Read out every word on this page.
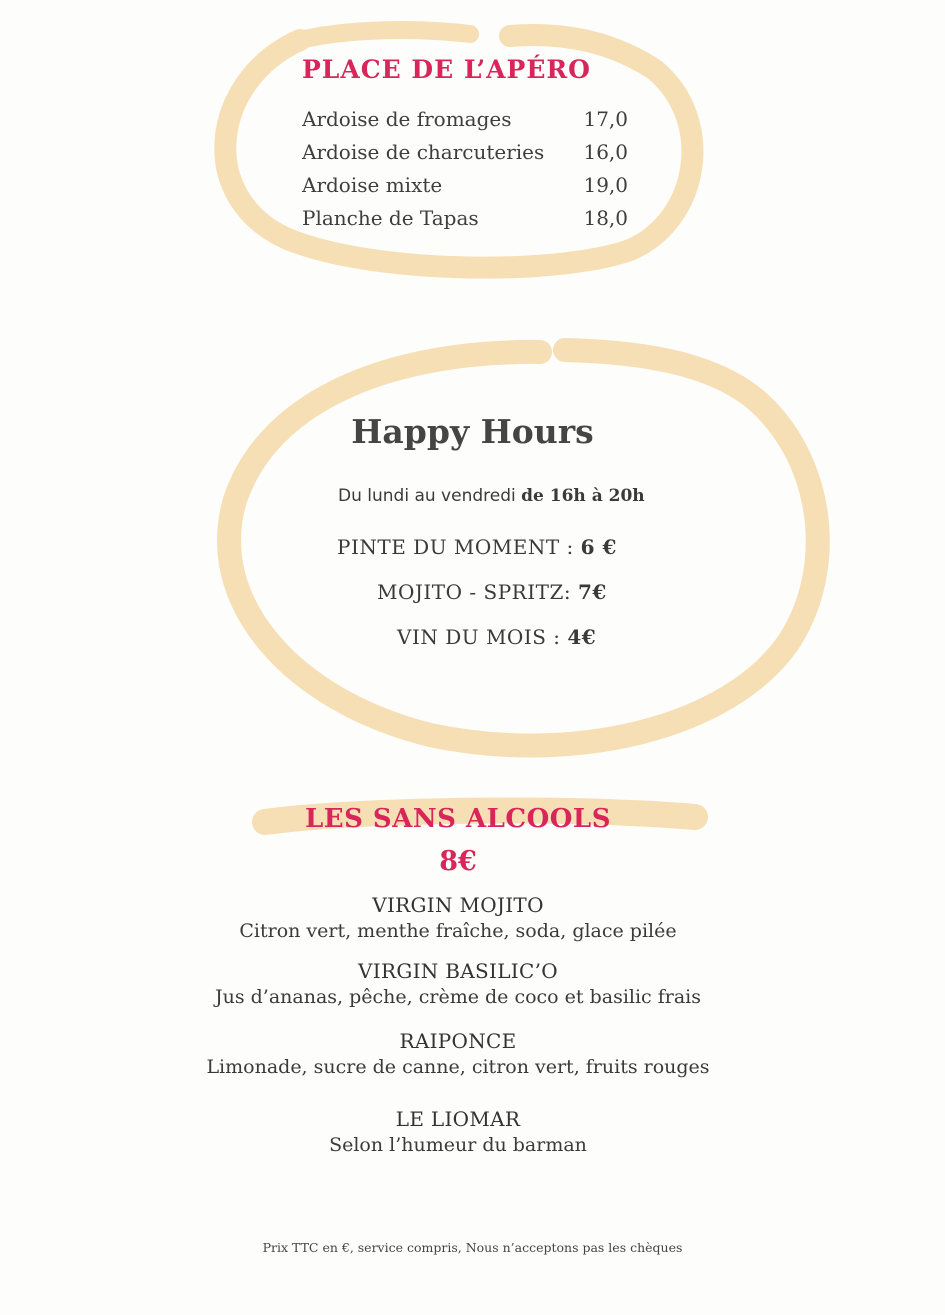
PLACE DE L’APÉRO
Ardoise de fromages	17,0
Ardoise de charcuteries 16,0
Ardoise mixte	19,0
Planche de Tapas	18,0
Happy Hours
Du lundi au vendredi de 16h à 20h
PINTE DU MOMENT : 6 €
MOJITO - SPRITZ: 7€
VIN DU MOIS : 4€
LES SANS ALCOOLS
8€
VIRGIN MOJITO
Citron vert, menthe fraîche, soda, glace pilée
VIRGIN BASILIC’O
Jus d’ananas, pêche, crème de coco et basilic frais
RAIPONCE
Limonade, sucre de canne, citron vert, fruits rouges
LE LIOMAR
Selon l’humeur du barman
Prix TTC en €, service compris, Nous n’acceptons pas les chèques
